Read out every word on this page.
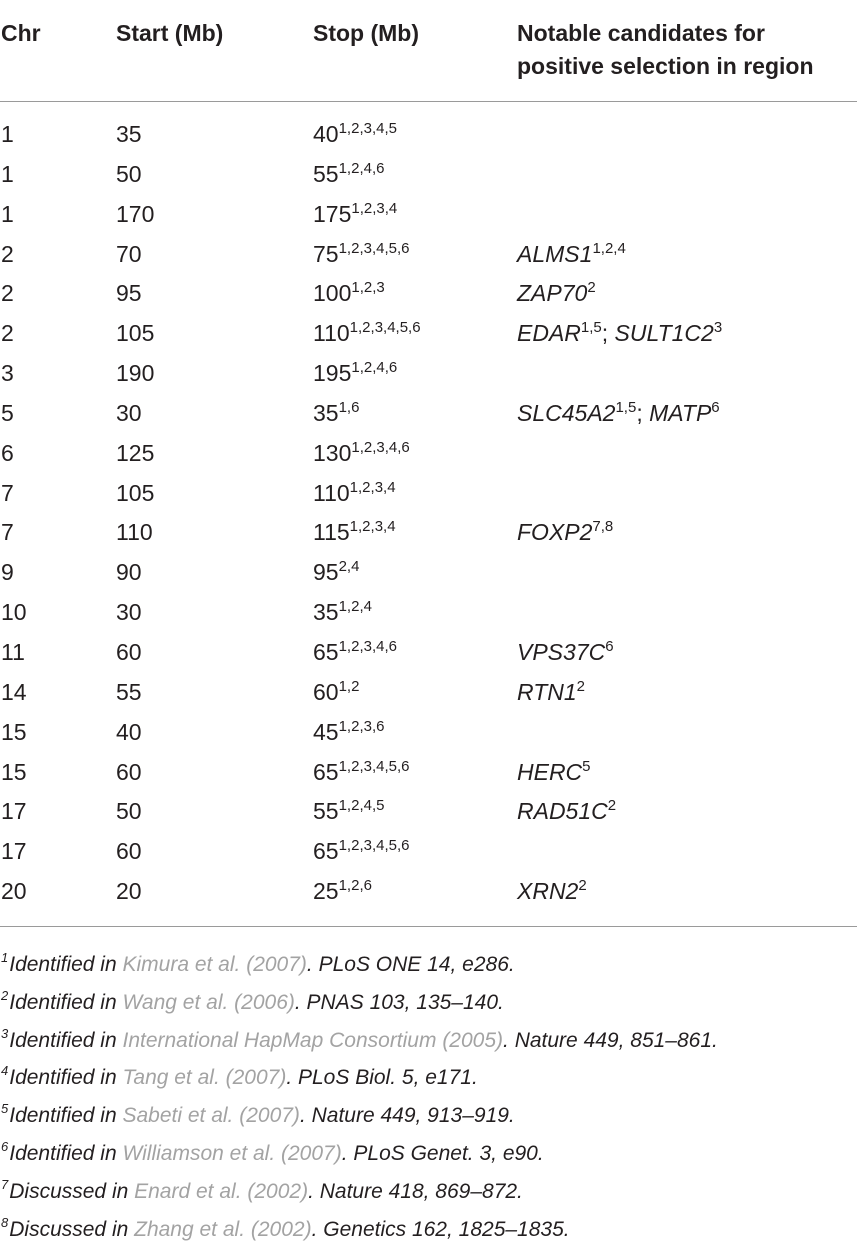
Chr	Start (Mb)	Stop (Mb)	Notable candidates for
positive selection in region
1	35	40$^{1,2,3,4,5}$
1	50	55$^{1,2,4,6}$
1	170	175$^{1,2,3,4}$
2	70	75$^{1,2,3,4,5,6}$	ALMS1$^{1,2,4}$
2	95	100$^{1,2,3}$	$ZAP70^2$
2	105	110$^{1,2,3,4,5,6}$	EDAR$^{1,5}$; $SULT1C2^3$
3	190	195$^{1,2,4,6}$
5	30	35$^{1,6}$	SLC45A2$^{1,5}$; MATP$^6$
6	125	130$^{1,2,3,4,6}$
7	105	110$^{1,2,3,4}$
7	110	115$^{1,2,3,4}$	FOXP2$^{7,8}$
9	90	95$^{2,4}$
10	30	35$^{1,2,4}$
11	60	65$^{1,2,3,4,6}$	$VPS37C^6$
14	55	60$^{1,2}$	$RTN1^2$
15	40	45$^{1,2,3,6}$
15	60	65$^{1,2,3,4,5,6}$	HERC$^5$
17	50	55$^{1,2,4,5}$	$RAD51C^2$
17	60	65$^{1,2,3,4,5,6}$
20	20	25$^{1,2,6}$	$XRN2^2$
$^1$Identified in Kimura et al. (2007). PLoS ONE 14, e286.
$^2$Identified in Wang et al. (2006). PNAS 103, 135–140.
$^3$Identified in International HapMap Consortium (2005). Nature 449, 851–861.
$^4$Identified in Tang et al. (2007). PLoS Biol. 5, e171.
$^5$Identified in Sabeti et al. (2007). Nature 449, 913–919.
$^6$Identified in Williamson et al. (2007). PLoS Genet. 3, e90.
$^7$Discussed in Enard et al. (2002). Nature 418, 869–872.
$^8$Discussed in Zhang et al. (2002). Genetics 162, 1825–1835.
